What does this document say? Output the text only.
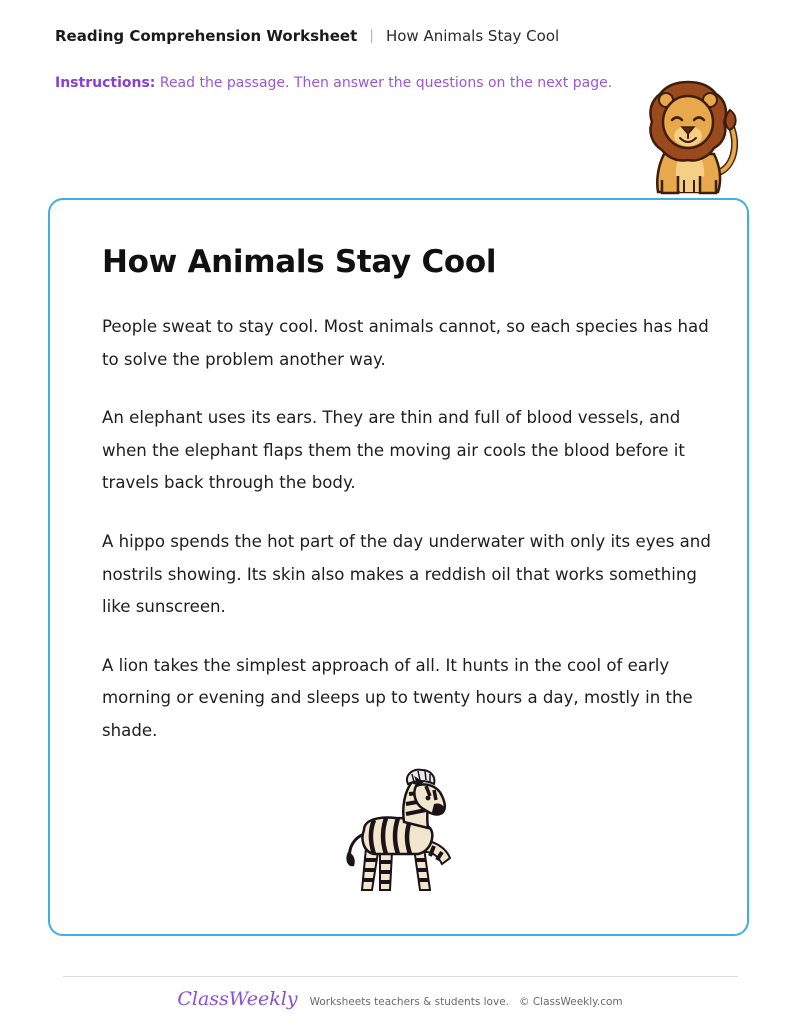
Reading Comprehension Worksheet | How Animals Stay Cool
Instructions: Read the passage. Then answer the questions on the next page.
How Animals Stay Cool

People sweat to stay cool. Most animals cannot, so each species has had to solve the problem another way.

An elephant uses its ears. They are thin and full of blood vessels, and when the elephant flaps them the moving air cools the blood before it travels back through the body.

A hippo spends the hot part of the day underwater with only its eyes and nostrils showing. Its skin also makes a reddish oil that works something like sunscreen.

A lion takes the simplest approach of all. It hunts in the cool of early morning or evening and sleeps up to twenty hours a day, mostly in the shade.

ClassWeekly Worksheets teachers & students love. © ClassWeekly.com
